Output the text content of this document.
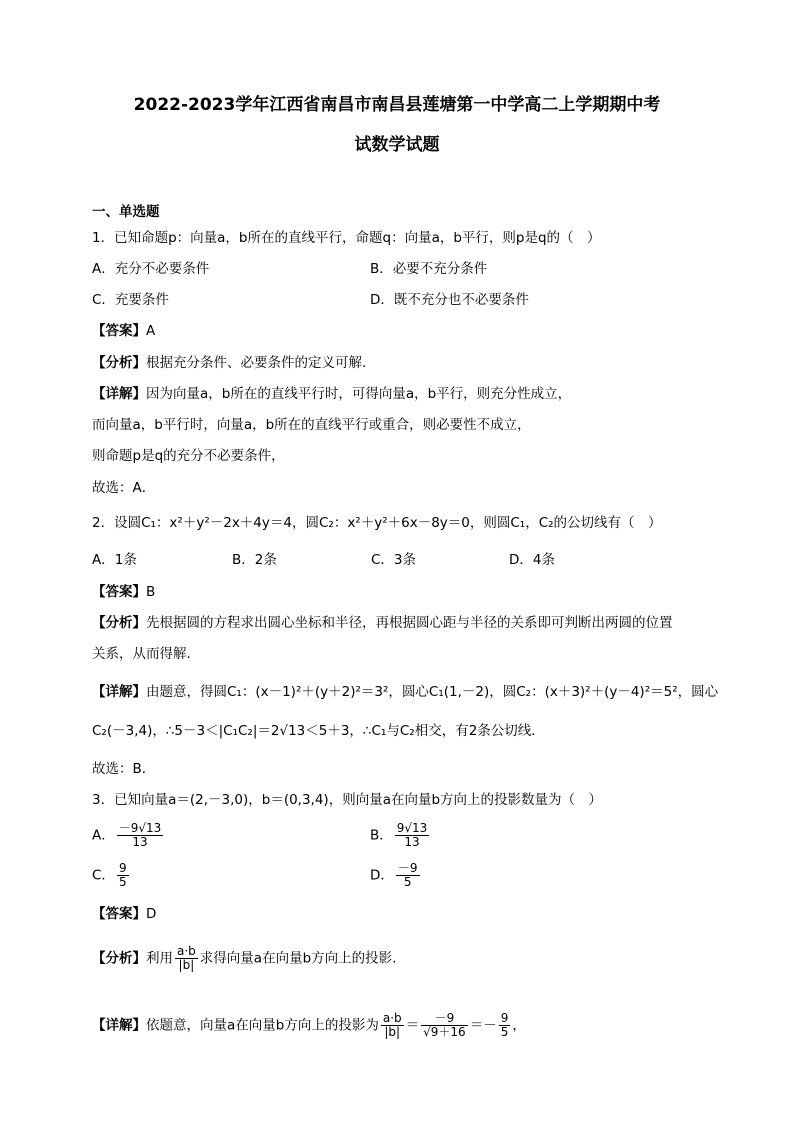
2022-2023学年江西省南昌市南昌县莲塘第一中学高二上学期期中考
试数学试题
一、单选题
1．已知命题p：向量a，b所在的直线平行，命题q：向量a，b平行，则p是q的（　）
A．充分不必要条件	B．必要不充分条件
C．充要条件	D．既不充分也不必要条件
【答案】A
【分析】根据充分条件、必要条件的定义可解．
【详解】因为向量a，b所在的直线平行时，可得向量a，b平行，则充分性成立，
而向量a，b平行时，向量a，b所在的直线平行或重合，则必要性不成立，
则命题p是q的充分不必要条件，
故选：A．
2．设圆C₁：x²＋y²－2x＋4y＝4，圆C₂：x²＋y²＋6x－8y＝0，则圆C₁，C₂的公切线有（　）
A．1条	B．2条	C．3条	D．4条
【答案】B
【分析】先根据圆的方程求出圆心坐标和半径，再根据圆心距与半径的关系即可判断出两圆的位置
关系，从而得解．
【详解】由题意，得圆C₁：(x－1)²＋(y＋2)²＝3²，圆心C₁(1,－2)，圆C₂：(x＋3)²＋(y－4)²＝5²，圆心
C₂(－3,4)，∴5－3＜|C₁C₂|＝2√13＜5＋3，∴C₁与C₂相交，有2条公切线．
故选：B．
3．已知向量a＝(2,－3,0)，b＝(0,3,4)，则向量a在向量b方向上的投影数量为（　）
A． $\frac{-9√13}{13}$	B． $\frac{9√13}{13}$
C． $\frac{9}{5}$	D． $\frac{-9}{5}$
【答案】D
【分析】利用 $\frac{a\cdot b}{|b|}$ 求得向量a在向量b方向上的投影.
【详解】依题意，向量a在向量b方向上的投影为 $\frac{a\cdot b}{|b|} = \frac{-9}{√9+16} =- \frac{9}{5}$ ，
